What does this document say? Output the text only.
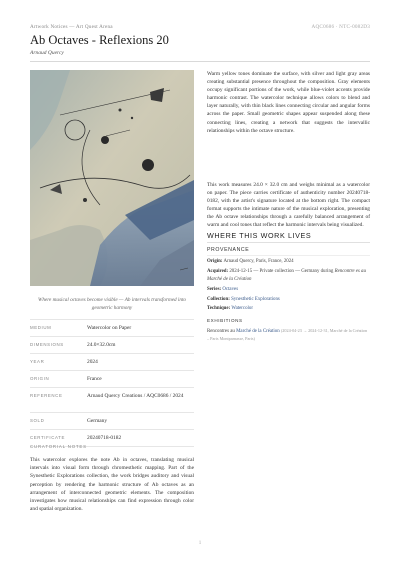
Artwork Notices — Art Quest Arena	AQC0686 · NTC-0082D3
Ab Octaves - Reflexions 20
Arnaud Quercy
Where musical octaves become visible — Ab intervals transformed into geometric harmony
MEDIUM	Watercolor on Paper
DIMENSIONS	24.0×32.0cm
YEAR	2024
ORIGIN	France
REFERENCE	Arnaud Quercy Creations / AQC0686 / 2024
SOLD	Germany
CERTIFICATE	20240718-0182
CURATORIAL NOTES

This watercolor explores the note Ab in octaves, translating musical intervals into visual form through chromesthetic mapping. Part of the Synesthetic Explorations collection, the work bridges auditory and visual perception by rendering the harmonic structure of Ab octaves as an arrangement of interconnected geometric elements. The composition investigates how musical relationships can find expression through color and spatial organization.

Warm yellow tones dominate the surface, with silver and light gray areas creating substantial presence throughout the composition. Gray elements occupy significant portions of the work, while blue-violet accents provide harmonic contrast. The watercolor technique allows colors to blend and layer naturally, with thin black lines connecting circular and angular forms across the paper. Small geometric shapes appear suspended along these connecting lines, creating a network that suggests the intervallic relationships within the octave structure.

This work measures 24.0 × 32.0 cm and weighs minimal as a watercolor on paper. The piece carries certificate of authenticity number 20240718-0182, with the artist's signature located at the bottom right. The compact format supports the intimate nature of the musical exploration, presenting the Ab octave relationships through a carefully balanced arrangement of warm and cool tones that reflect the harmonic intervals being visualized.

WHERE THIS WORK LIVES
PROVENANCE
Origin: Arnaud Quercy, Paris, France, 2024
Acquired: 2024-12-15 — Private collection — Germany during Rencontre es au Marché de la Création
Series: Octaves
Collection: Synesthetic Explorations
Technique: Watercolor
EXHIBITIONS
Rencontres au Marché de la Création (2024-04-23 → 2024-12-31, Marché de la Création – Paris Montparnasse, Paris)
1
